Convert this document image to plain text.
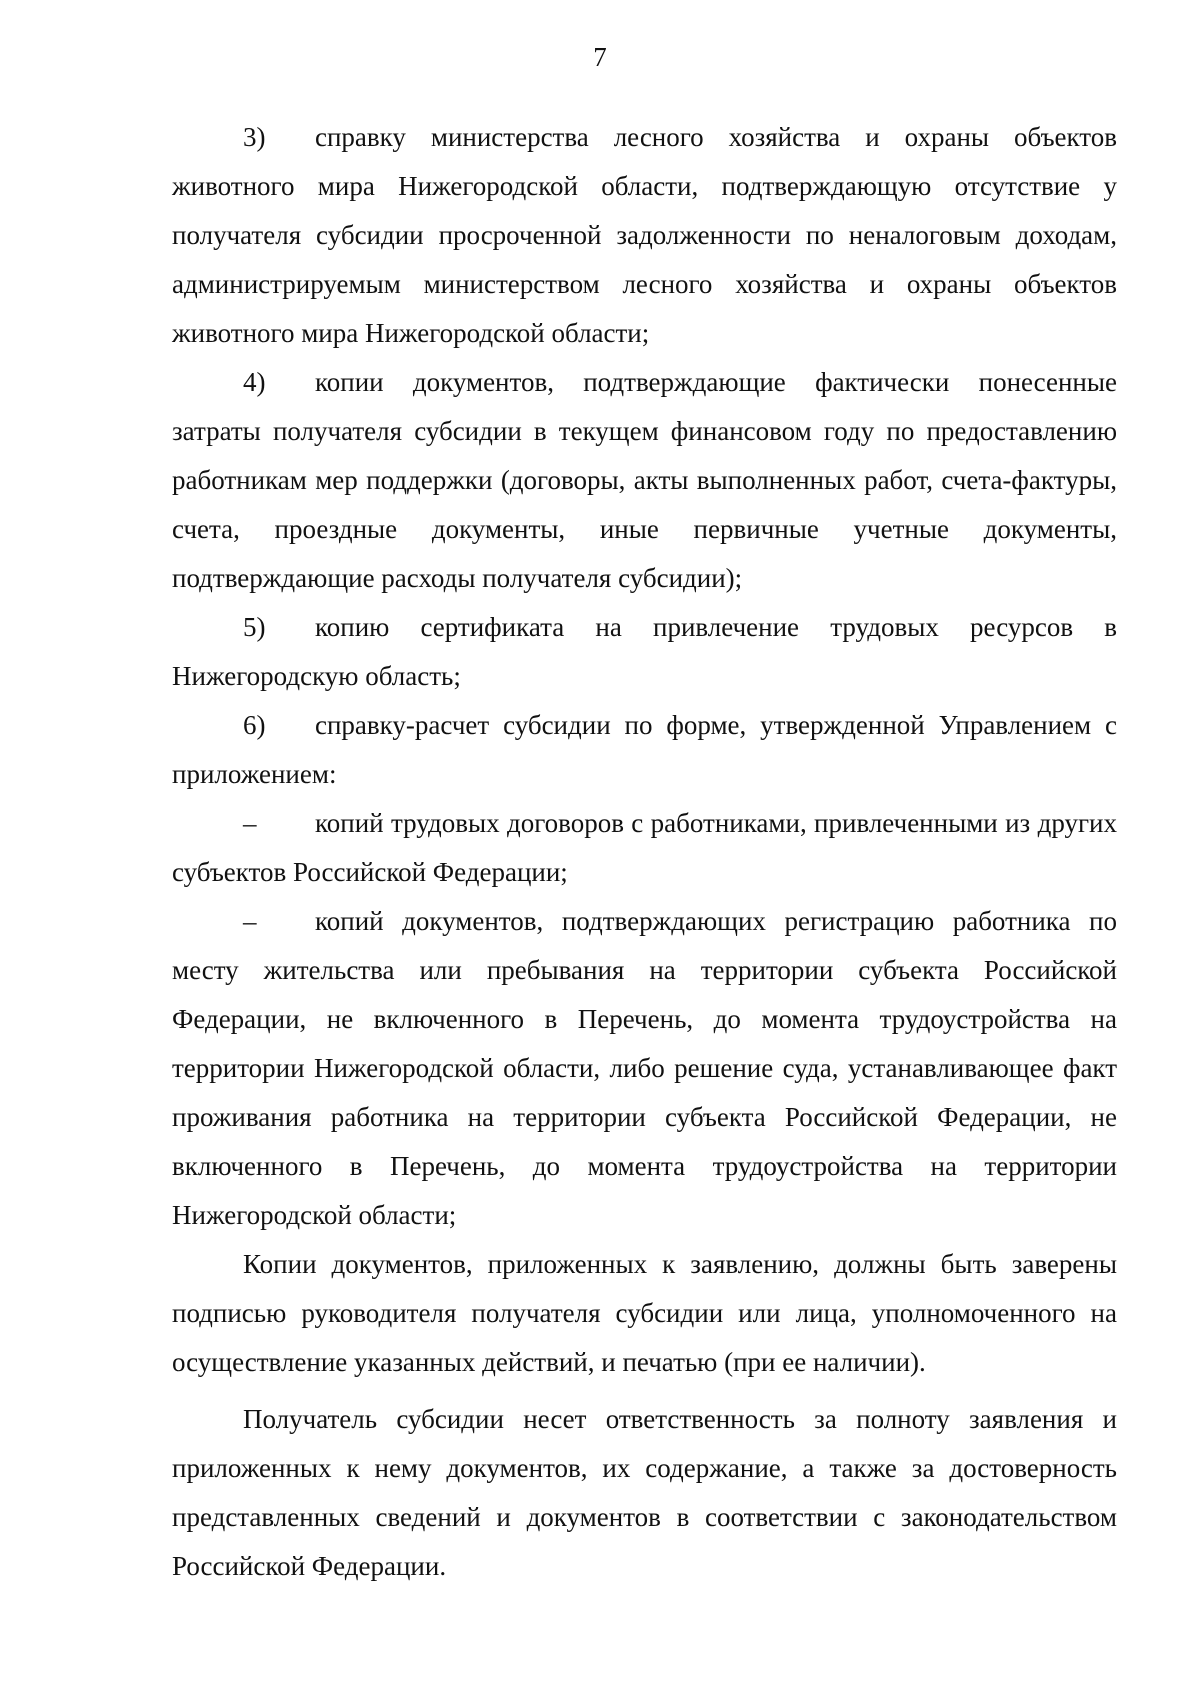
7

3) справку министерства лесного хозяйства и охраны объектов животного мира Нижегородской области, подтверждающую отсутствие у получателя субсидии просроченной задолженности по неналоговым доходам, администрируемым министерством лесного хозяйства и охраны объектов животного мира Нижегородской области;

4) копии документов, подтверждающие фактически понесенные затраты получателя субсидии в текущем финансовом году по предоставлению работникам мер поддержки (договоры, акты выполненных работ, счета-фактуры, счета, проездные документы, иные первичные учетные документы, подтверждающие расходы получателя субсидии);

5) копию сертификата на привлечение трудовых ресурсов в Нижегородскую область;

6) справку-расчет субсидии по форме, утвержденной Управлением с приложением:

– копий трудовых договоров с работниками, привлеченными из других субъектов Российской Федерации;

– копий документов, подтверждающих регистрацию работника по месту жительства или пребывания на территории субъекта Российской Федерации, не включенного в Перечень, до момента трудоустройства на территории Нижегородской области, либо решение суда, устанавливающее факт проживания работника на территории субъекта Российской Федерации, не включенного в Перечень, до момента трудоустройства на территории Нижегородской области;

Копии документов, приложенных к заявлению, должны быть заверены подписью руководителя получателя субсидии или лица, уполномоченного на осуществление указанных действий, и печатью (при ее наличии).

Получатель субсидии несет ответственность за полноту заявления и приложенных к нему документов, их содержание, а также за достоверность представленных сведений и документов в соответствии с законодательством Российской Федерации.
